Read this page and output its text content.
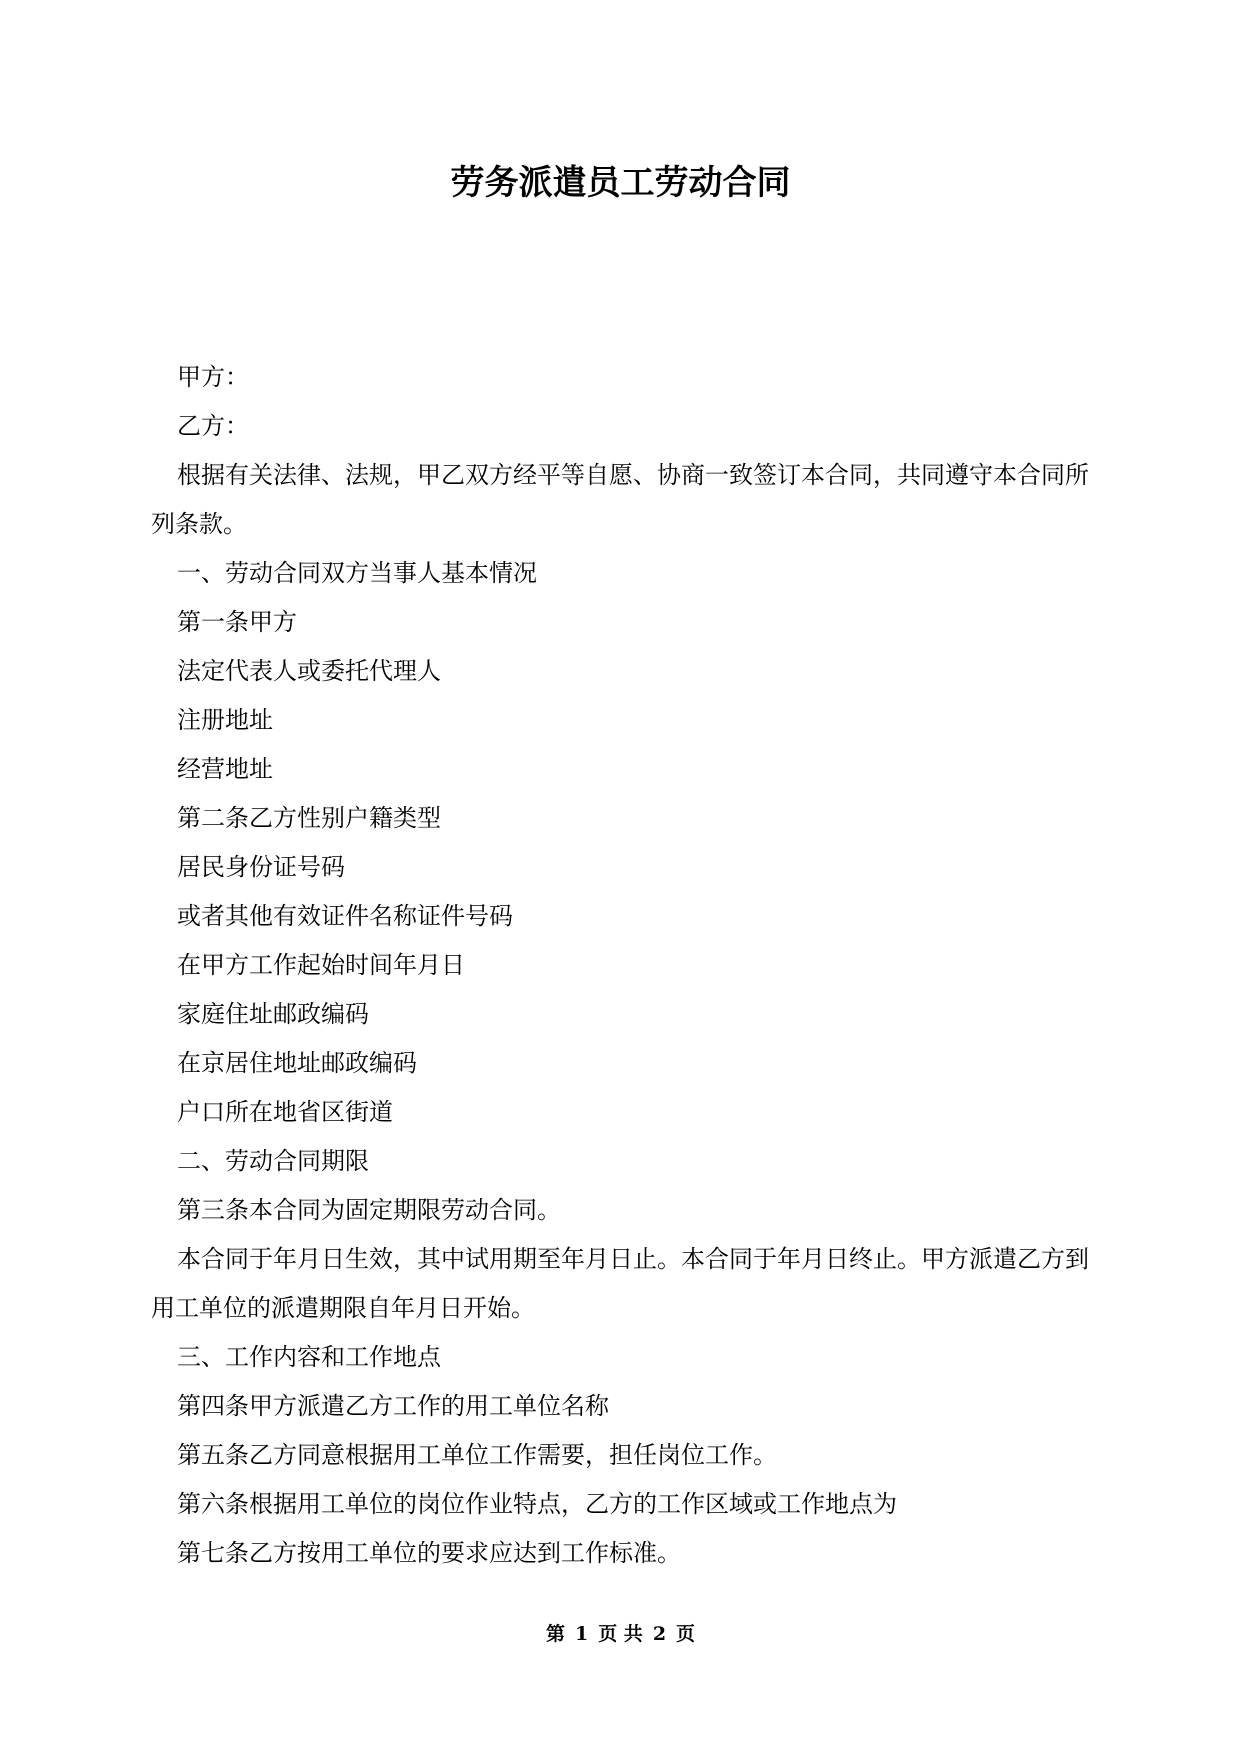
劳务派遣员工劳动合同

甲方：

乙方：

根据有关法律、法规，甲乙双方经平等自愿、协商一致签订本合同，共同遵守本合同所列条款。

一、劳动合同双方当事人基本情况

第一条甲方

法定代表人或委托代理人

注册地址

经营地址

第二条乙方性别户籍类型

居民身份证号码

或者其他有效证件名称证件号码

在甲方工作起始时间年月日

家庭住址邮政编码

在京居住地址邮政编码

户口所在地省区街道

二、劳动合同期限

第三条本合同为固定期限劳动合同。

本合同于年月日生效，其中试用期至年月日止。本合同于年月日终止。甲方派遣乙方到用工单位的派遣期限自年月日开始。

三、工作内容和工作地点

第四条甲方派遣乙方工作的用工单位名称

第五条乙方同意根据用工单位工作需要，担任岗位工作。

第六条根据用工单位的岗位作业特点，乙方的工作区域或工作地点为

第七条乙方按用工单位的要求应达到工作标准。

第 1 页 共 2 页
